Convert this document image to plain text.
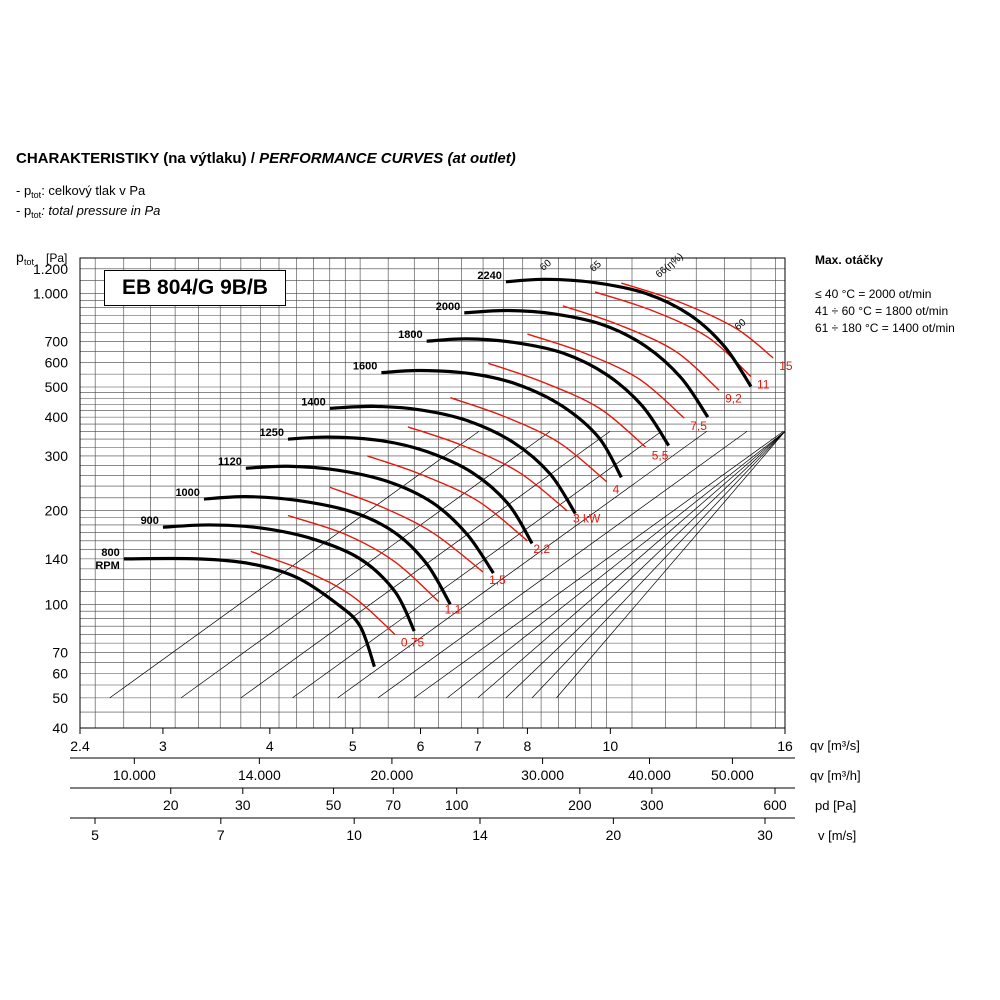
CHARAKTERISTIKY (na výtlaku) / PERFORMANCE CURVES (at outlet)
- $p_{tot}$: celkový tlak v Pa
- $p_{tot}$: total pressure in Pa
Max. otáčky
≤ 40 °C = 2000 ot/min
41 ÷ 60 °C = 1800 ot/min
61 ÷ 180 °C = 1400 ot/min
1.200
1.000
700
600
500
400
300
200
140
100
70
60
50
40
p tot [Pa]
2.4	3	4	5	6	7	8	10	16 qv [m³/s]
10.000	14.000	20.000	30.000	40.000	50.000	qv [m³/h]
20	30	50	70	100	200	300	600 pd [Pa]
5	7	10	14	20	30	v [m/s]
0,75
1,1
1,5
2,2
3 kW
4
5,5
7,5
9,2
11
15
800
RPM
900
1000
1120
1250
1400
1600
1800
2000
2240
60	65	66(η%)
60
EB 804/G 9B/B
